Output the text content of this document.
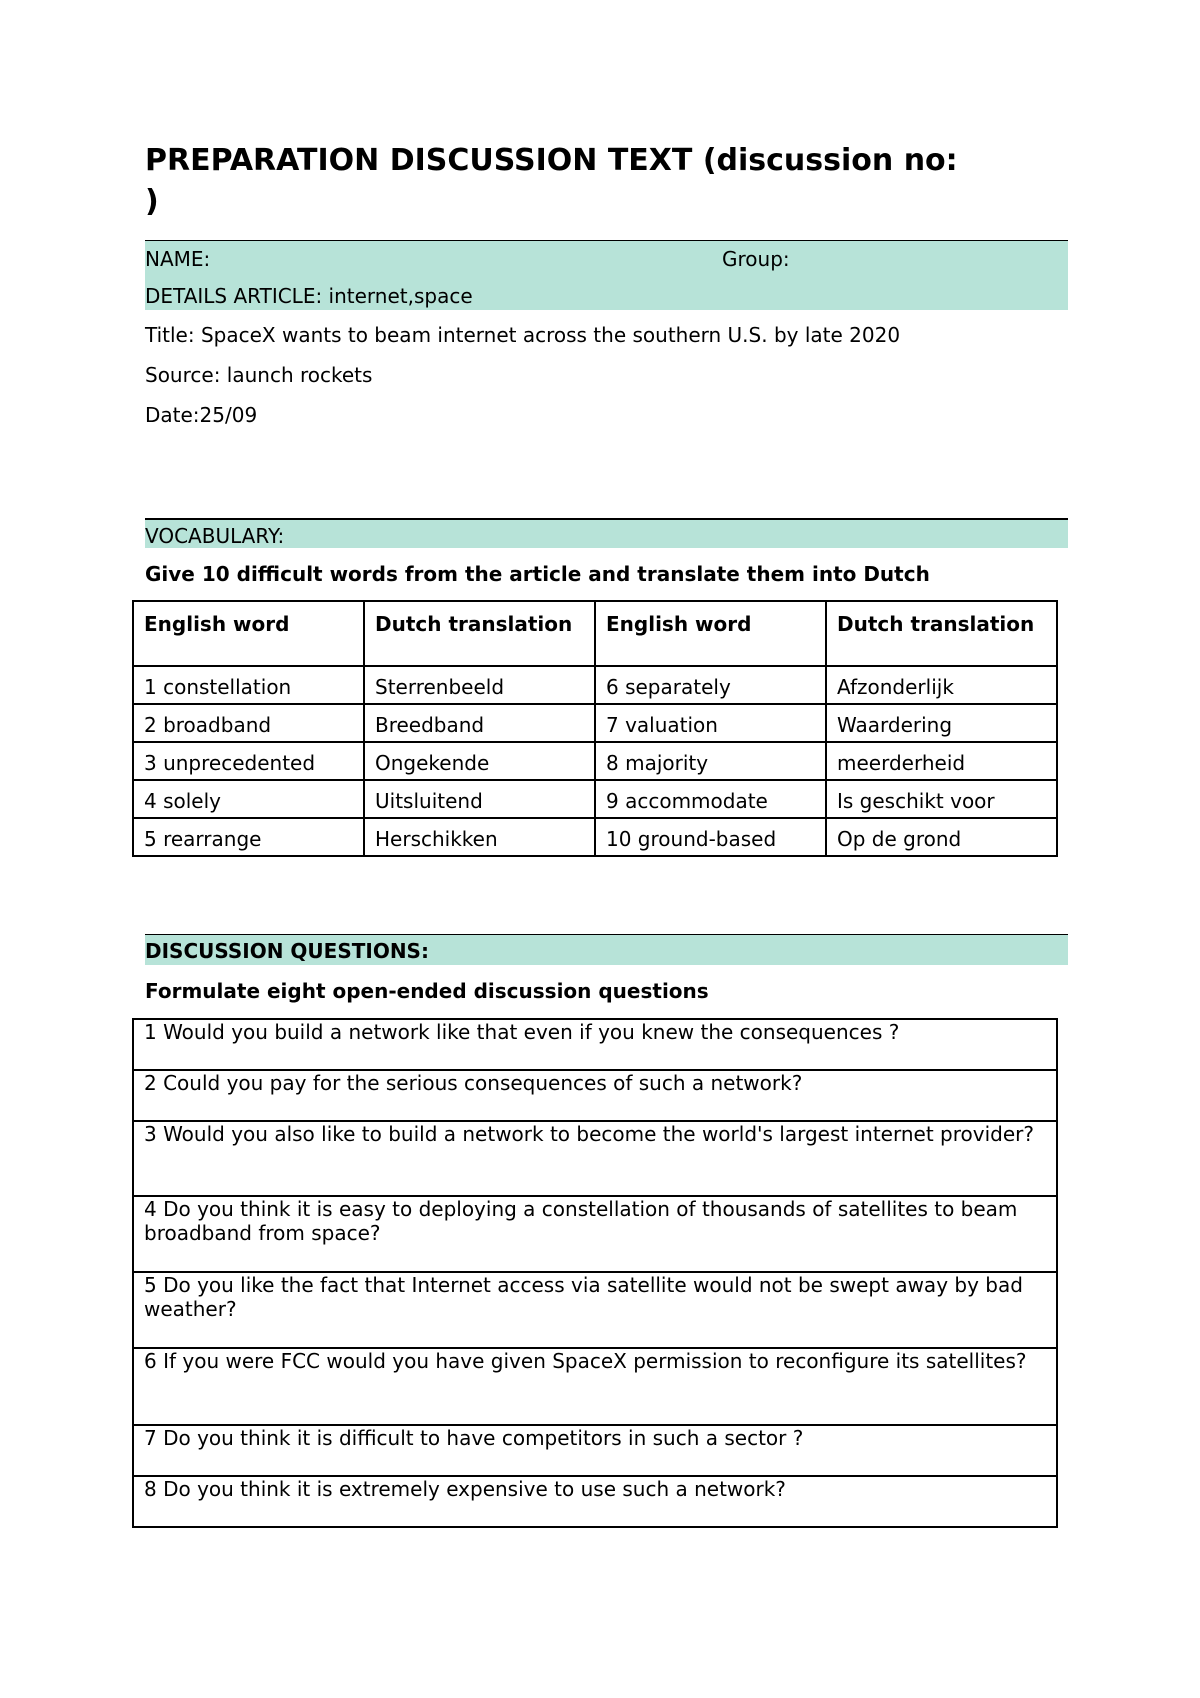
PREPARATION DISCUSSION TEXT (discussion no:
)
NAME:	Group:
DETAILS ARTICLE: internet,space
Title: SpaceX wants to beam internet across the southern U.S. by late 2020
Source: launch rockets
Date:25/09
VOCABULARY:
Give 10 difficult words from the article and translate them into Dutch
English word	Dutch translation	English word	Dutch translation
1 constellation	Sterrenbeeld	6 separately	Afzonderlijk
2 broadband	Breedband	7 valuation	Waardering
3 unprecedented	Ongekende	8 majority	meerderheid
4 solely	Uitsluitend	9 accommodate	Is geschikt voor
5 rearrange	Herschikken	10 ground-based	Op de grond
DISCUSSION QUESTIONS:
Formulate eight open-ended discussion questions
1 Would you build a network like that even if you knew the consequences ?
2 Could you pay for the serious consequences of such a network?
3 Would you also like to build a network to become the world's largest internet provider?
4 Do you think it is easy to deploying a constellation of thousands of satellites to beam broadband from space?
5 Do you like the fact that Internet access via satellite would not be swept away by bad weather?
6 If you were FCC would you have given SpaceX permission to reconfigure its satellites?
7 Do you think it is difficult to have competitors in such a sector ?
8 Do you think it is extremely expensive to use such a network?
